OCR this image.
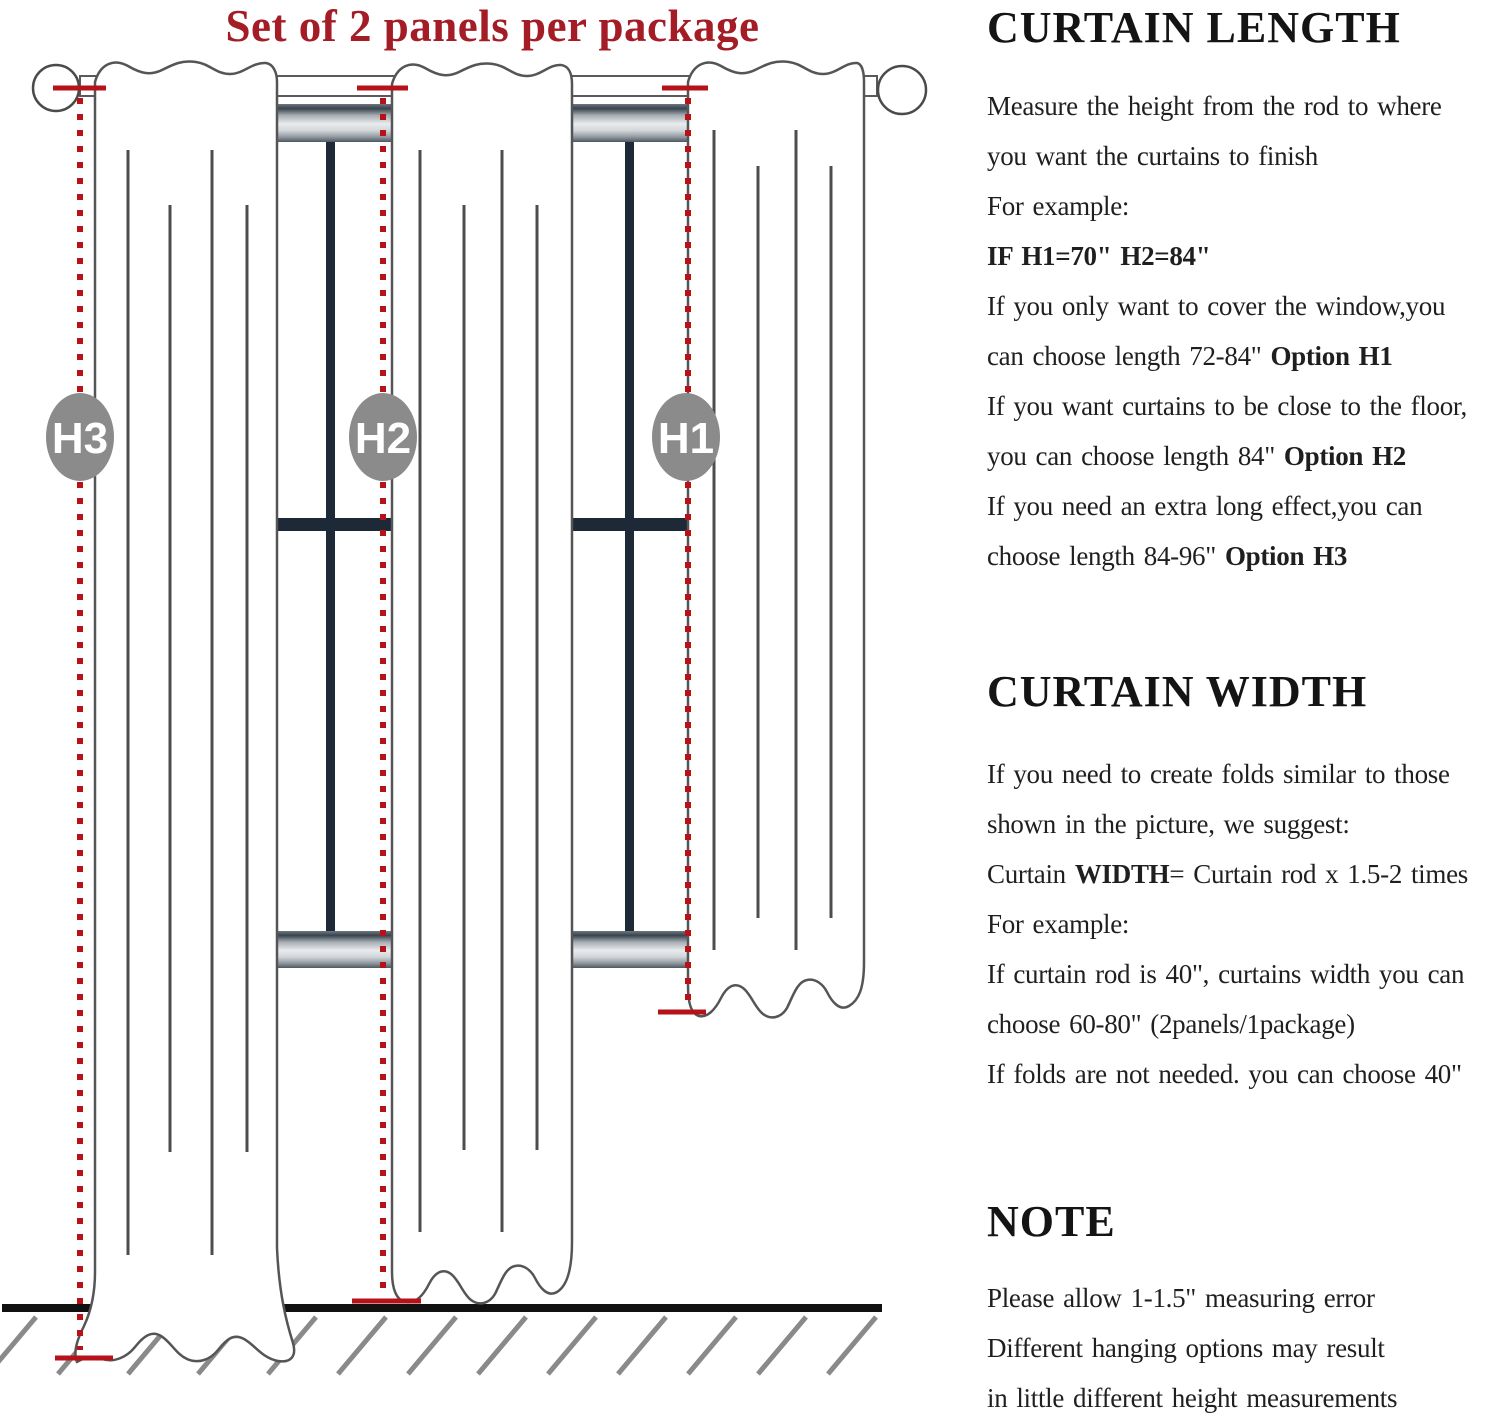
H3	H2	H1
Set of 2 panels per package	CURTAIN LENGTH
Measure the height from the rod to where
you want the curtains to finish
For example:
IF H1=70" H2=84"
If you only want to cover the window,you
can choose length 72-84" Option H1
If you want curtains to be close to the floor,
you can choose length 84" Option H2
If you need an extra long effect,you can
choose length 84-96" Option H3
CURTAIN WIDTH
If you need to create folds similar to those
shown in the picture, we suggest:
Curtain WIDTH= Curtain rod x 1.5-2 times
For example:
If curtain rod is 40", curtains width you can
choose 60-80" (2panels/1package)
If folds are not needed. you can choose 40"
NOTE
Please allow 1-1.5" measuring error
Different hanging options may result
in little different height measurements
